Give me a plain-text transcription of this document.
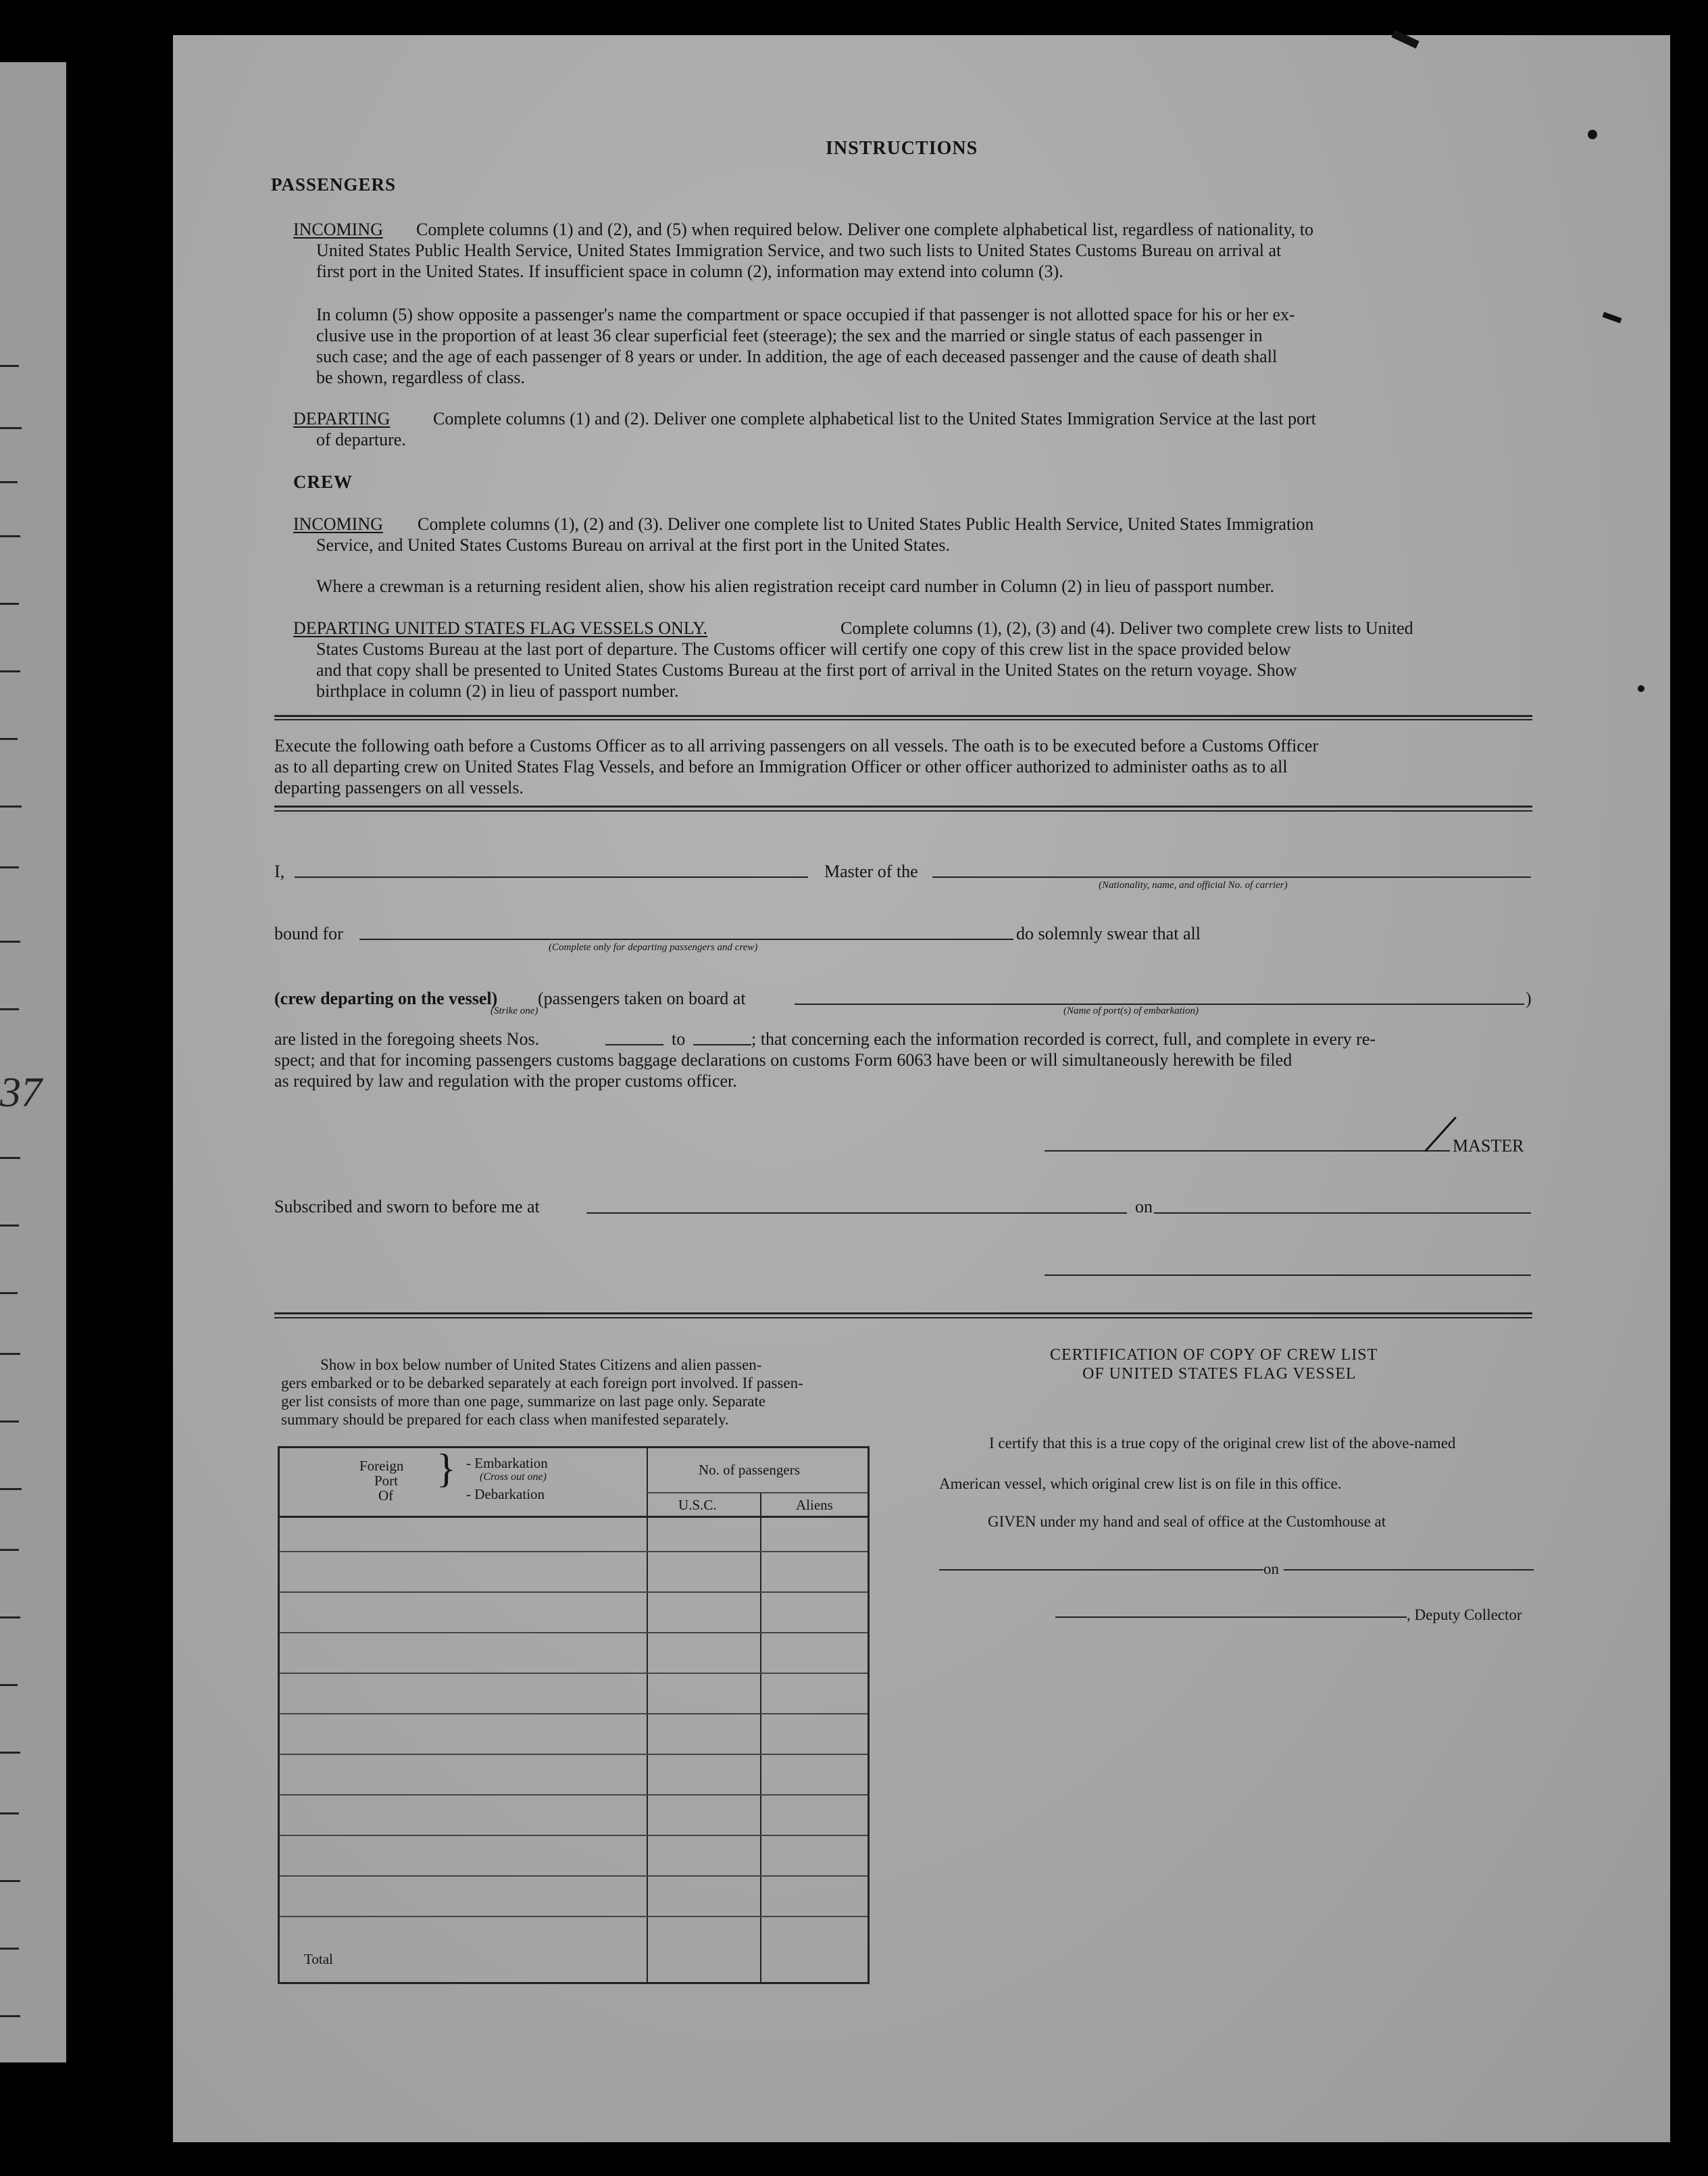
37
INSTRUCTIONS
PASSENGERS
INCOMING Complete columns (1) and (2), and (5) when required below. Deliver one complete alphabetical list, regardless of nationality, to
United States Public Health Service, United States Immigration Service, and two such lists to United States Customs Bureau on arrival at
first port in the United States. If insufficient space in column (2), information may extend into column (3).
In column (5) show opposite a passenger's name the compartment or space occupied if that passenger is not allotted space for his or her ex-
clusive use in the proportion of at least 36 clear superficial feet (steerage); the sex and the married or single status of each passenger in
such case; and the age of each passenger of 8 years or under. In addition, the age of each deceased passenger and the cause of death shall
be shown, regardless of class.
DEPARTING Complete columns (1) and (2). Deliver one complete alphabetical list to the United States Immigration Service at the last port
of departure.
CREW
INCOMING Complete columns (1), (2) and (3). Deliver one complete list to United States Public Health Service, United States Immigration
Service, and United States Customs Bureau on arrival at the first port in the United States.
Where a crewman is a returning resident alien, show his alien registration receipt card number in Column (2) in lieu of passport number.
DEPARTING UNITED STATES FLAG VESSELS ONLY.	Complete columns (1), (2), (3) and (4). Deliver two complete crew lists to United
States Customs Bureau at the last port of departure. The Customs officer will certify one copy of this crew list in the space provided below
and that copy shall be presented to United States Customs Bureau at the first port of arrival in the United States on the return voyage. Show
birthplace in column (2) in lieu of passport number.
Execute the following oath before a Customs Officer as to all arriving passengers on all vessels. The oath is to be executed before a Customs Officer
as to all departing crew on United States Flag Vessels, and before an Immigration Officer or other officer authorized to administer oaths as to all
departing passengers on all vessels.
I,	Master of the
(Nationality, name, and official No. of carrier)
bound for	do solemnly swear that all
(Complete only for departing passengers and crew)
(crew departing on the vessel) (passengers taken on board at	)
(Strike one)	(Name of port(s) of embarkation)
are listed in the foregoing sheets Nos.	to	; that concerning each the information recorded is correct, full, and complete in every re-
spect; and that for incoming passengers customs baggage declarations on customs Form 6063 have been or will simultaneously herewith be filed
as required by law and regulation with the proper customs officer.
MASTER
Subscribed and sworn to before me at	on
Show in box below number of United States Citizens and alien passen-
gers embarked or to be debarked separately at each foreign port involved. If passen-
ger list consists of more than one page, summarize on last page only. Separate
summary should be prepared for each class when manifested separately.
Foreign
Port
Of
} - Embarkation
(Cross out one)
- Debarkation
No. of passengers
U.S.C.	Aliens
Total
CERTIFICATION OF COPY OF CREW LIST
OF UNITED STATES FLAG VESSEL
I certify that this is a true copy of the original crew list of the above-named
American vessel, which original crew list is on file in this office.
GIVEN under my hand and seal of office at the Customhouse at
on
, Deputy Collector
